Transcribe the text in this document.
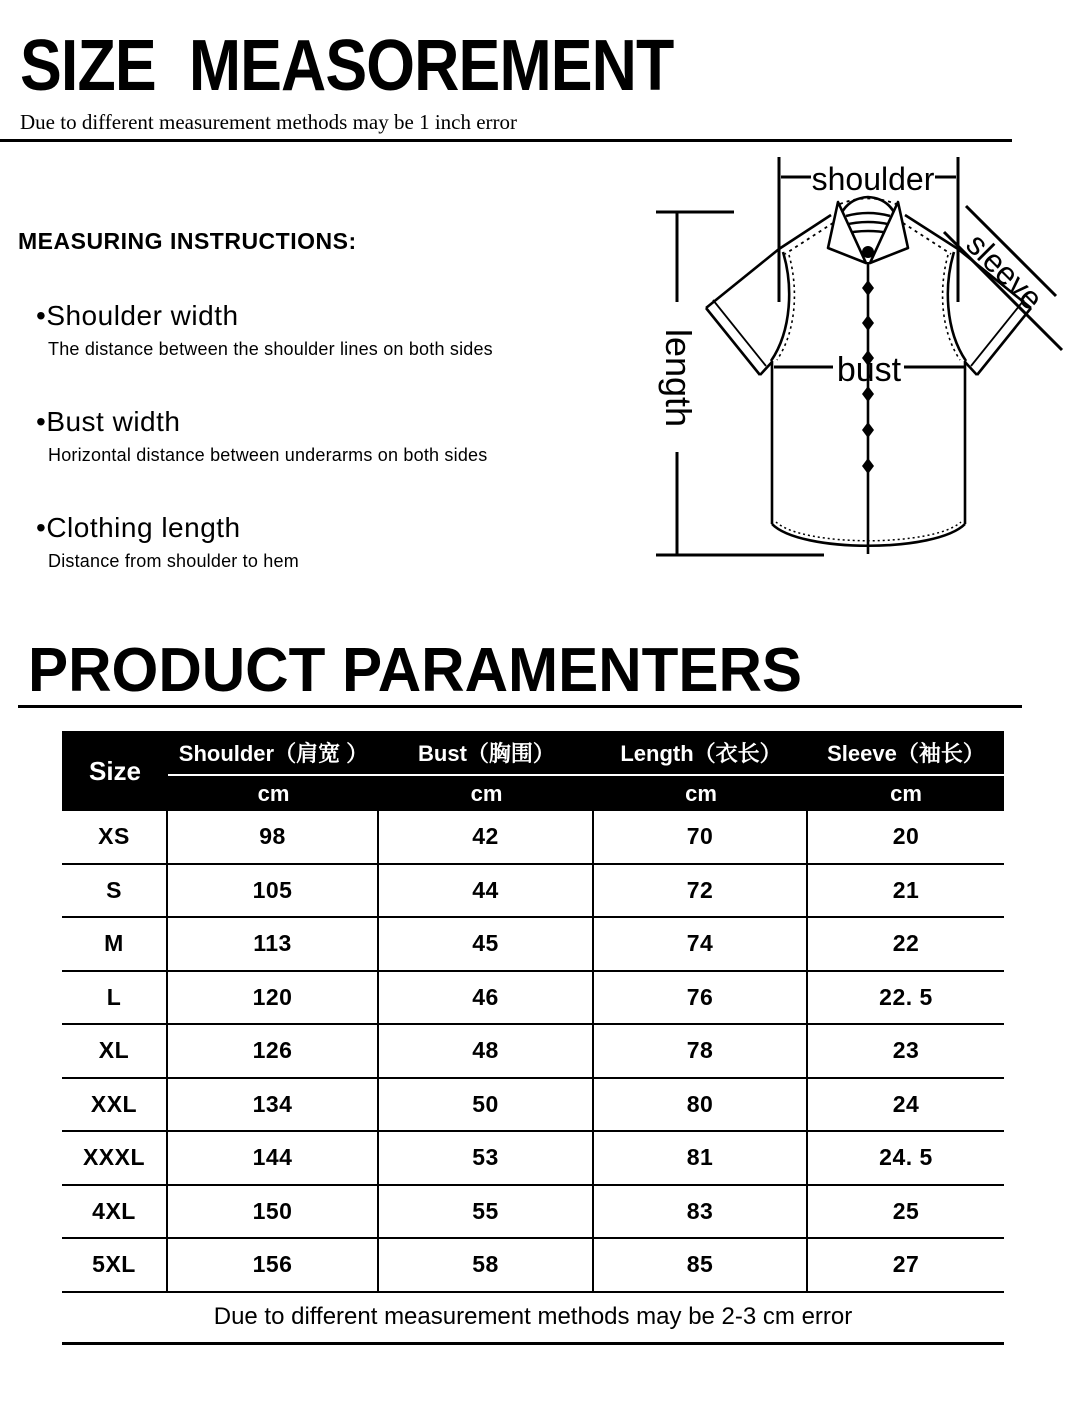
SIZE  MEASOREMENT
Due to different measurement methods may be 1 inch error
MEASURING INSTRUCTIONS:
•Shoulder width
The distance between the shoulder lines on both sides
•Bust width
Horizontal distance between underarms on both sides
•Clothing length
Distance from shoulder to hem
shoulder
bust
length
sleeve
PRODUCT PARAMENTERS
Size
Shoulder（肩宽 ）	Bust（胸围）	Length（衣长）	Sleeve（袖长）
cm	cm	cm	cm
XS	98	42	70	20
S	105	44	72	21
M	113	45	74	22
L	120	46	76	22. 5
XL	126	48	78	23
XXL	134	50	80	24
XXXL	144	53	81	24. 5
4XL	150	55	83	25
5XL	156	58	85	27
Due to different measurement methods may be 2-3 cm error
